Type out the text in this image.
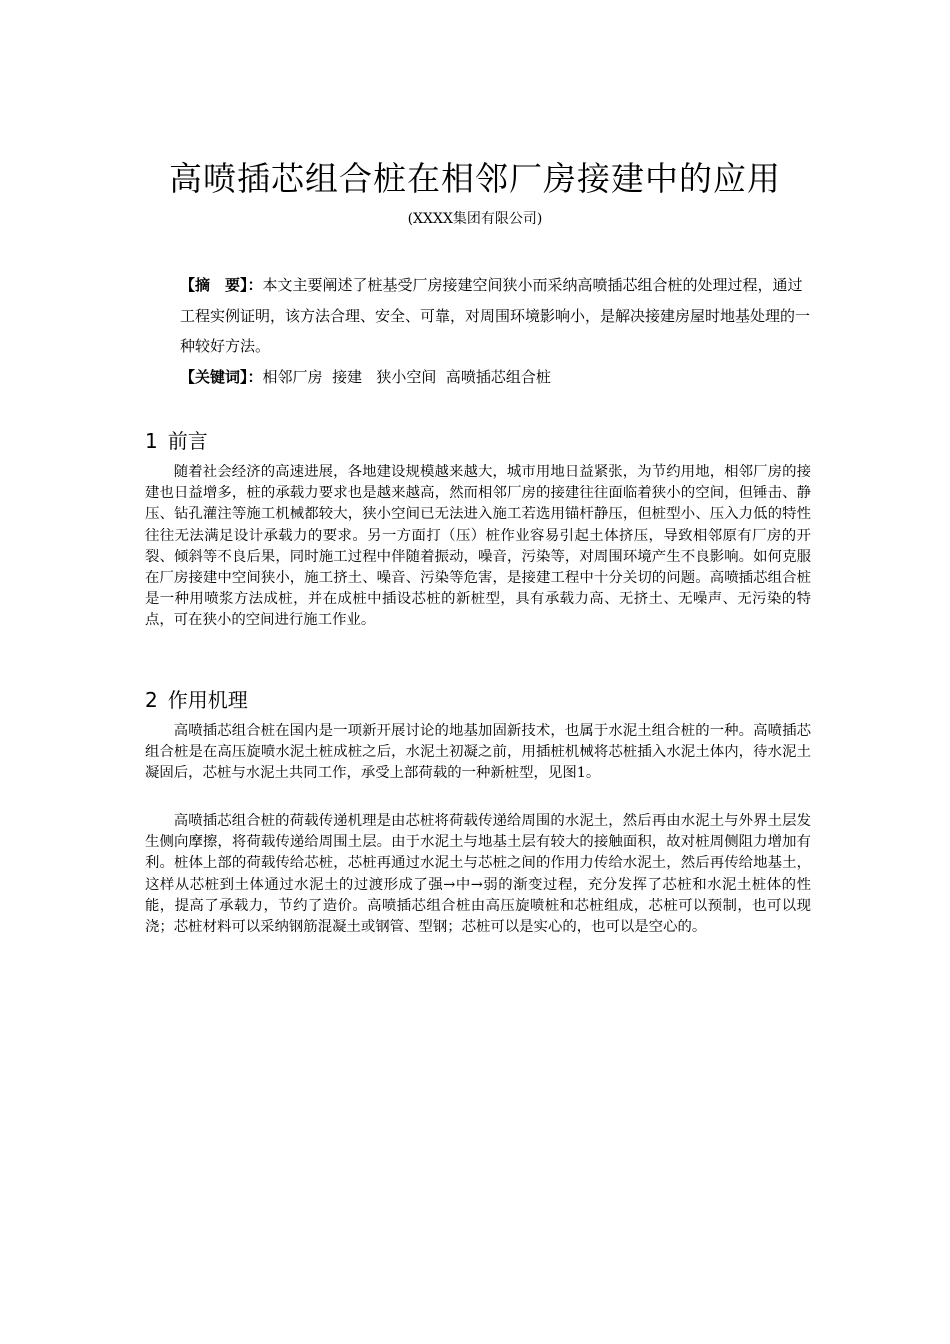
高喷插芯组合桩在相邻厂房接建中的应用
(XXXX集团有限公司)
【摘　要】：本文主要阐述了桩基受厂房接建空间狭小而采纳高喷插芯组合桩的处理过程，通过工程实例证明，该方法合理、安全、可靠，对周围环境影响小，是解决接建房屋时地基处理的一种较好方法。
【关键词】：相邻厂房  接建   狭小空间  高喷插芯组合桩
1 前言
随着社会经济的高速进展，各地建设规模越来越大，城市用地日益紧张，为节约用地，相邻厂房的接建也日益增多，桩的承载力要求也是越来越高，然而相邻厂房的接建往往面临着狭小的空间，但锤击、静压、钻孔灌注等施工机械都较大，狭小空间已无法进入施工若选用锚杆静压，但桩型小、压入力低的特性往往无法满足设计承载力的要求。另一方面打（压）桩作业容易引起土体挤压，导致相邻原有厂房的开裂、倾斜等不良后果，同时施工过程中伴随着振动，噪音，污染等，对周围环境产生不良影响。如何克服在厂房接建中空间狭小，施工挤土、噪音、污染等危害，是接建工程中十分关切的问题。高喷插芯组合桩是一种用喷浆方法成桩，并在成桩中插设芯桩的新桩型，具有承载力高、无挤土、无噪声、无污染的特点，可在狭小的空间进行施工作业。
2 作用机理
高喷插芯组合桩在国内是一项新开展讨论的地基加固新技术，也属于水泥土组合桩的一种。高喷插芯组合桩是在高压旋喷水泥土桩成桩之后，水泥土初凝之前，用插桩机械将芯桩插入水泥土体内，待水泥土凝固后，芯桩与水泥土共同工作，承受上部荷载的一种新桩型，见图1。
高喷插芯组合桩的荷载传递机理是由芯桩将荷载传递给周围的水泥土，然后再由水泥土与外界土层发生侧向摩擦，将荷载传递给周围土层。由于水泥土与地基土层有较大的接触面积，故对桩周侧阻力增加有利。桩体上部的荷载传给芯桩，芯桩再通过水泥土与芯桩之间的作用力传给水泥土，然后再传给地基土，这样从芯桩到土体通过水泥土的过渡形成了强→中→弱的渐变过程，充分发挥了芯桩和水泥土桩体的性能，提高了承载力，节约了造价。高喷插芯组合桩由高压旋喷桩和芯桩组成，芯桩可以预制，也可以现浇；芯桩材料可以采纳钢筋混凝土或钢管、型钢；芯桩可以是实心的，也可以是空心的。
